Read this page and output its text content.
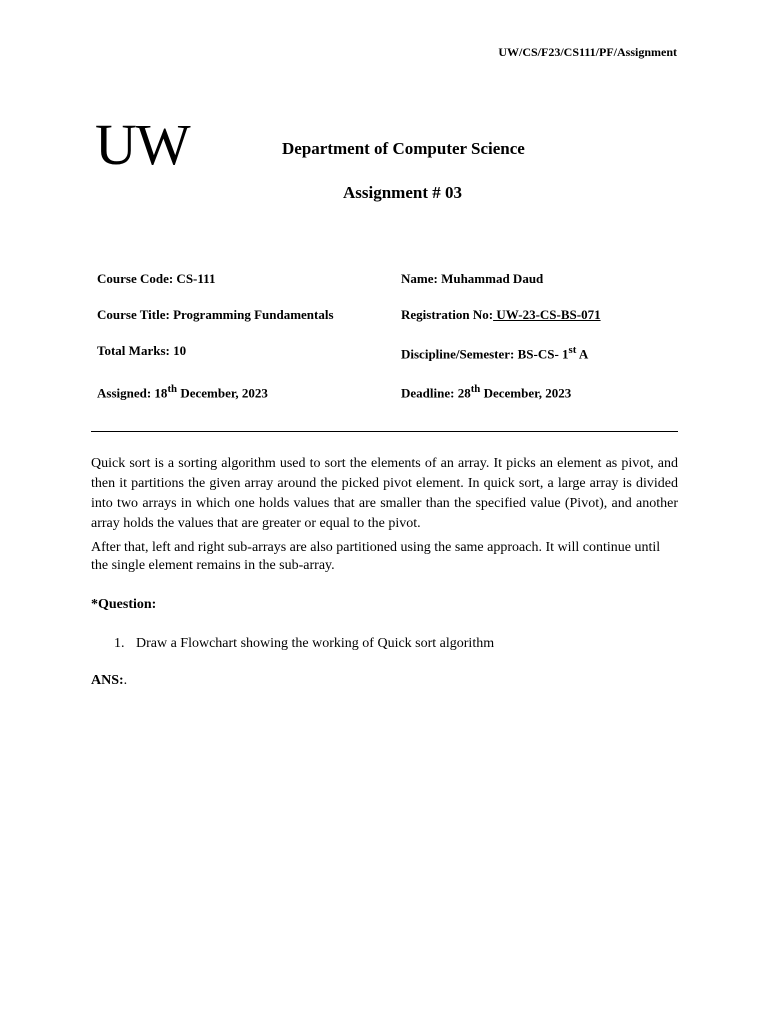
UW/CS/F23/CS111/PF/Assignment
UW	Department of Computer Science
Assignment # 03
Course Code: CS-111	Name: Muhammad Daud
Course Title: Programming Fundamentals	Registration No: UW-23-CS-BS-071
Total Marks: 10	Discipline/Semester: BS-CS- 1st A
Assigned: 18th December, 2023	Deadline: 28th December, 2023

Quick sort is a sorting algorithm used to sort the elements of an array. It picks an element as pivot, and then it partitions the given array around the picked pivot element. In quick sort, a large array is divided into two arrays in which one holds values that are smaller than the specified value (Pivot), and another array holds the values that are greater or equal to the pivot.

After that, left and right sub-arrays are also partitioned using the same approach. It will continue until the single element remains in the sub-array.

*Question:
1. Draw a Flowchart showing the working of Quick sort algorithm
ANS:.
